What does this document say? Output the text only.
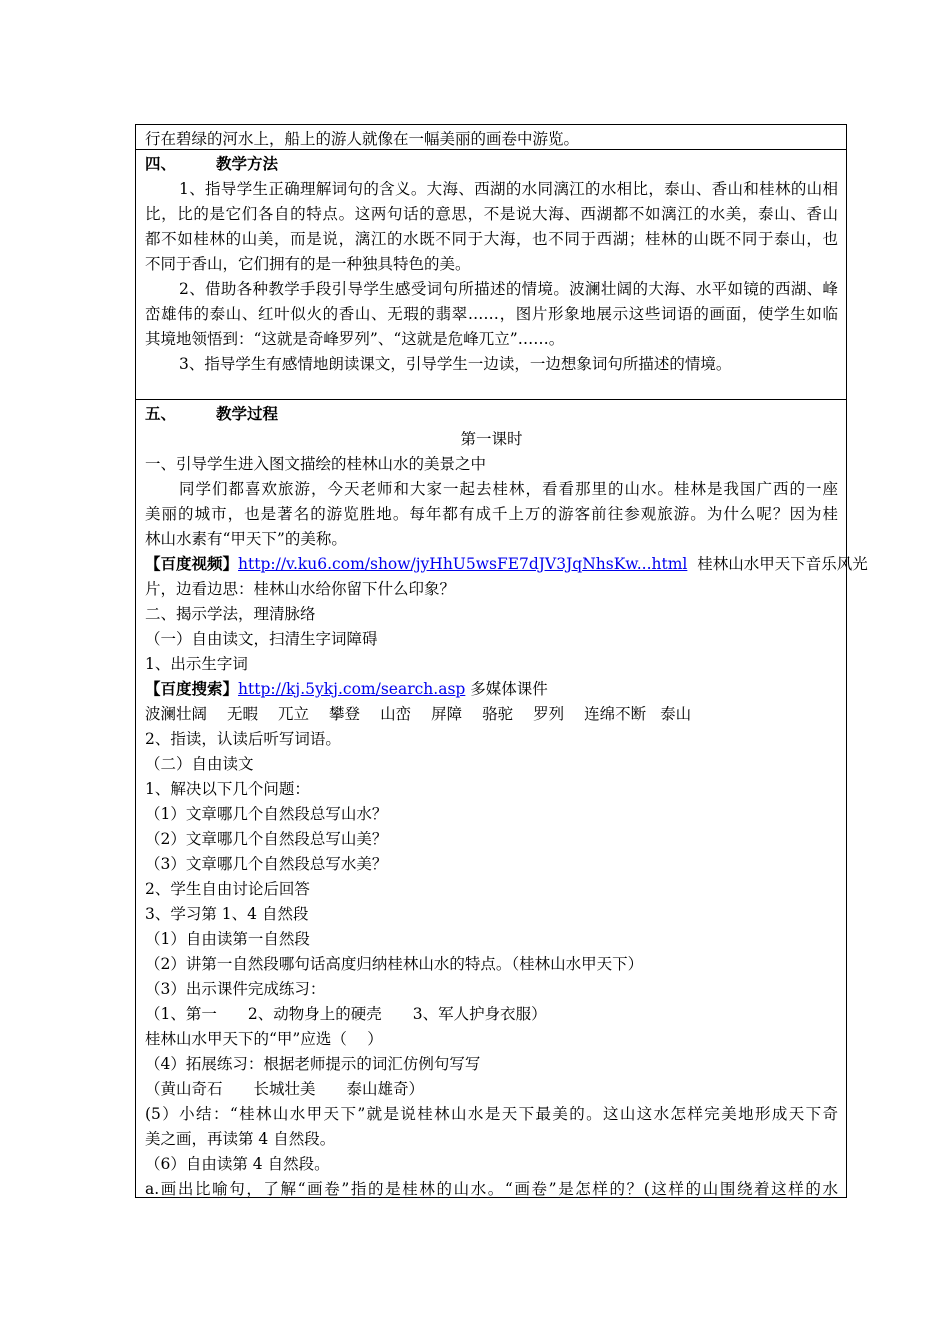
行在碧绿的河水上，船上的游人就像在一幅美丽的画卷中游览。
四、	教学方法
1、指导学生正确理解词句的含义。大海、西湖的水同漓江的水相比，泰山、香山和桂林的山相
比，比的是它们各自的特点。这两句话的意思，不是说大海、西湖都不如漓江的水美，泰山、香山
都不如桂林的山美，而是说，漓江的水既不同于大海，也不同于西湖；桂林的山既不同于泰山，也
不同于香山，它们拥有的是一种独具特色的美。
2、借助各种教学手段引导学生感受词句所描述的情境。波澜壮阔的大海、水平如镜的西湖、峰
峦雄伟的泰山、红叶似火的香山、无瑕的翡翠……，图片形象地展示这些词语的画面，使学生如临
其境地领悟到：“这就是奇峰罗列”、“这就是危峰兀立”……。
3、指导学生有感情地朗读课文，引导学生一边读，一边想象词句所描述的情境。
五、	教学过程
第一课时
一、引导学生进入图文描绘的桂林山水的美景之中
同学们都喜欢旅游，今天老师和大家一起去桂林，看看那里的山水。桂林是我国广西的一座
美丽的城市，也是著名的游览胜地。每年都有成千上万的游客前往参观旅游。为什么呢？因为桂
林山水素有“甲天下”的美称。
【百度视频】http://v.ku6.com/show/jyHhU5wsFE7dJV3JqNhsKw...html 桂林山水甲天下音乐风光
片，边看边思：桂林山水给你留下什么印象？
二、揭示学法，理清脉络
（一）自由读文，扫清生字词障碍
1、出示生字词
【百度搜索】http://kj.5ykj.com/search.asp 多媒体课件
波澜壮阔 无暇 兀立 攀登 山峦 屏障 骆驼 罗列 连绵不断 泰山
2、指读，认读后听写词语。
（二）自由读文
1、解决以下几个问题：
（1）文章哪几个自然段总写山水？
（2）文章哪几个自然段总写山美？
（3）文章哪几个自然段总写水美？
2、学生自由讨论后回答
3、学习第 1、4 自然段
（1）自由读第一自然段
（2）讲第一自然段哪句话高度归纳桂林山水的特点。（桂林山水甲天下）
（3）出示课件完成练习：
（1、第一　　2、动物身上的硬壳　　3、军人护身衣服）
桂林山水甲天下的“甲”应选（　 ）
（4）拓展练习：根据老师提示的词汇仿例句写写
（黄山奇石　　长城壮美　　泰山雄奇）
(5）小结：“桂林山水甲天下”就是说桂林山水是天下最美的。这山这水怎样完美地形成天下奇
美之画，再读第 4 自然段。
（6）自由读第 4 自然段。
a.画出比喻句，了解“画卷”指的是桂林的山水。“画卷”是怎样的？(这样的山围绕着这样的水
